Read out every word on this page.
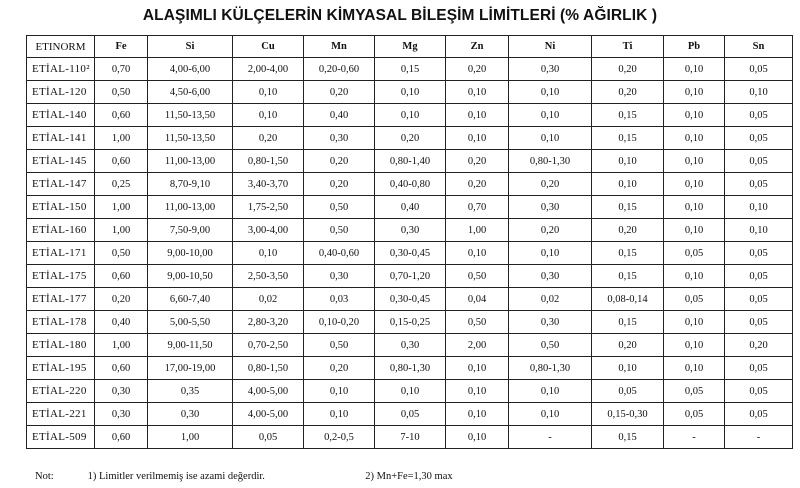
ALAŞIMLI KÜLÇELERİN KİMYASAL BİLEŞİM LİMİTLERİ (% AĞIRLIK )
ETINORM	Fe	Si	Cu	Mn	Mg	Zn	Ni	Ti	Pb	Sn
ETİAL-110²	0,70	4,00-6,00	2,00-4,00	0,20-0,60	0,15	0,20	0,30	0,20	0,10	0,05
ETİAL-120	0,50	4,50-6,00	0,10	0,20	0,10	0,10	0,10	0,20	0,10	0,10
ETİAL-140	0,60	11,50-13,50	0,10	0,40	0,10	0,10	0,10	0,15	0,10	0,05
ETİAL-141	1,00	11,50-13,50	0,20	0,30	0,20	0,10	0,10	0,15	0,10	0,05
ETİAL-145	0,60	11,00-13,00	0,80-1,50	0,20	0,80-1,40	0,20	0,80-1,30	0,10	0,10	0,05
ETİAL-147	0,25	8,70-9,10	3,40-3,70	0,20	0,40-0,80	0,20	0,20	0,10	0,10	0,05
ETİAL-150	1,00	11,00-13,00	1,75-2,50	0,50	0,40	0,70	0,30	0,15	0,10	0,10
ETİAL-160	1,00	7,50-9,00	3,00-4,00	0,50	0,30	1,00	0,20	0,20	0,10	0,10
ETİAL-171	0,50	9,00-10,00	0,10	0,40-0,60	0,30-0,45	0,10	0,10	0,15	0,05	0,05
ETİAL-175	0,60	9,00-10,50	2,50-3,50	0,30	0,70-1,20	0,50	0,30	0,15	0,10	0,05
ETİAL-177	0,20	6,60-7,40	0,02	0,03	0,30-0,45	0,04	0,02	0,08-0,14	0,05	0,05
ETİAL-178	0,40	5,00-5,50	2,80-3,20	0,10-0,20	0,15-0,25	0,50	0,30	0,15	0,10	0,05
ETİAL-180	1,00	9,00-11,50	0,70-2,50	0,50	0,30	2,00	0,50	0,20	0,10	0,20
ETİAL-195	0,60	17,00-19,00	0,80-1,50	0,20	0,80-1,30	0,10	0,80-1,30	0,10	0,10	0,05
ETİAL-220	0,30	0,35	4,00-5,00	0,10	0,10	0,10	0,10	0,05	0,05	0,05
ETİAL-221	0,30	0,30	4,00-5,00	0,10	0,05	0,10	0,10	0,15-0,30	0,05	0,05
ETİAL-509	0,60	1,00	0,05	0,2-0,5	7-10	0,10	-	0,15	-	-
Not:	1) Limitler verilmemiş ise azami değerdir.	2) Mn+Fe=1,30 max
